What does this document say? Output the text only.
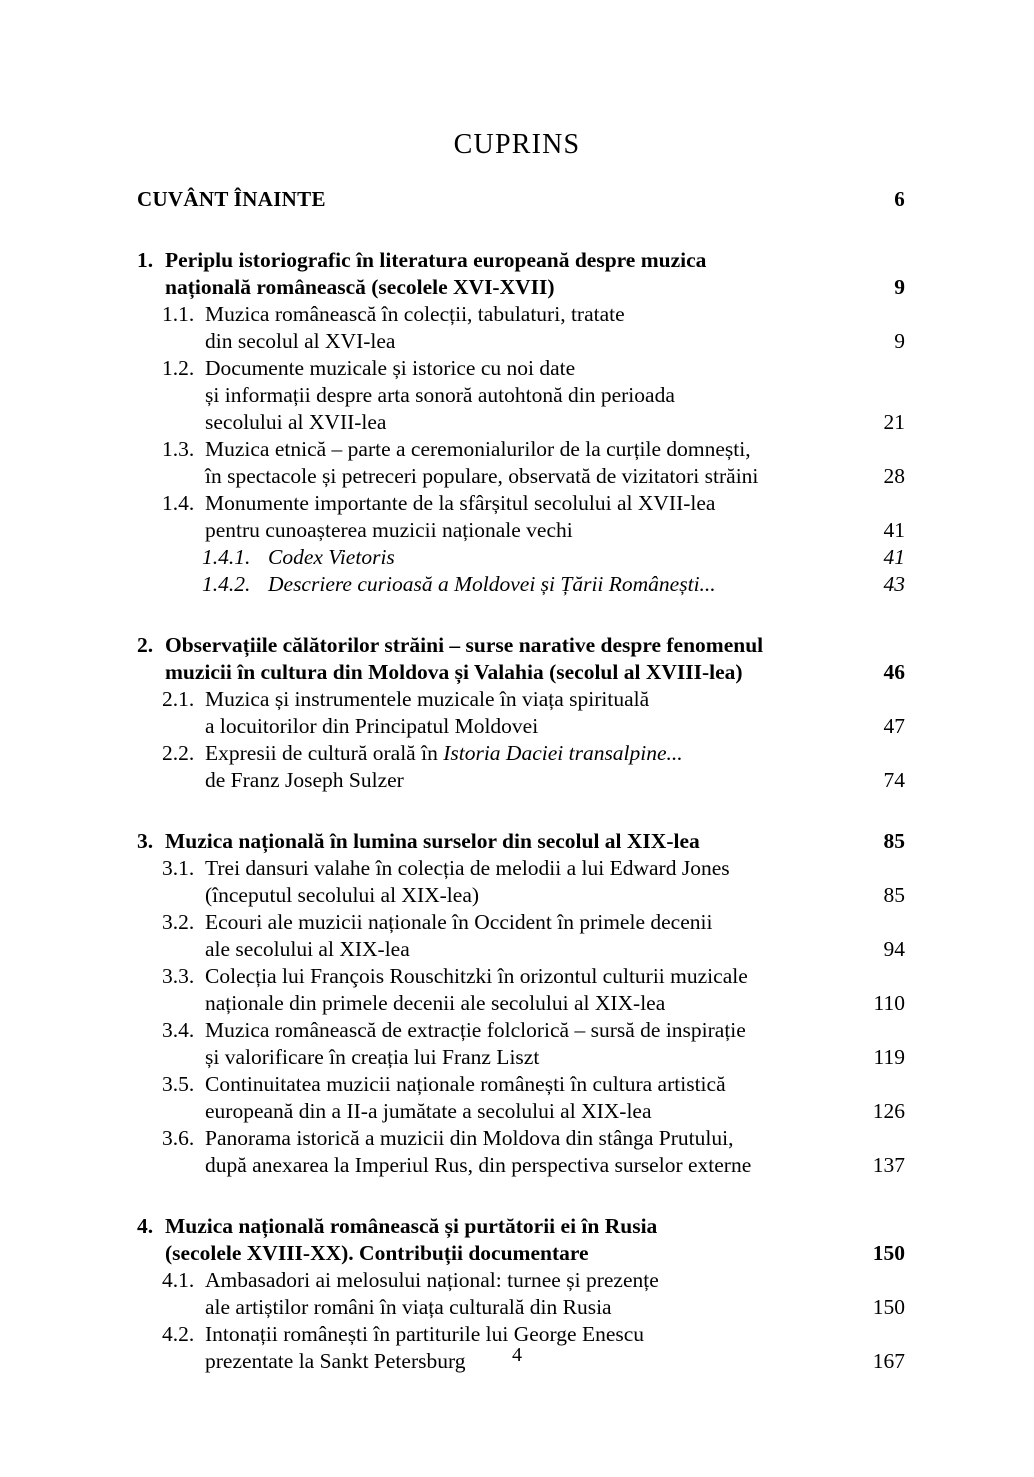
CUPRINS
CUVÂNT ÎNAINTE	6
1. Periplu istoriografic în literatura europeană despre muzica
națională românească (secolele XVI-XVII)	9
1.1. Muzica românească în colecții, tabulaturi, tratate
din secolul al XVI-lea	9
1.2. Documente muzicale și istorice cu noi date
și informații despre arta sonoră autohtonă din perioada
secolului al XVII-lea	21
1.3. Muzica etnică – parte a ceremonialurilor de la curțile domnești,
în spectacole și petreceri populare, observată de vizitatori străini	28
1.4. Monumente importante de la sfârșitul secolului al XVII-lea
pentru cunoașterea muzicii naționale vechi	41
1.4.1. Codex Vietoris	41
1.4.2. Descriere curioasă a Moldovei și Țării Românești...	43
2. Observațiile călătorilor străini – surse narative despre fenomenul
muzicii în cultura din Moldova și Valahia (secolul al XVIII-lea)	46
2.1. Muzica și instrumentele muzicale în viața spirituală
a locuitorilor din Principatul Moldovei	47
2.2. Expresii de cultură orală în Istoria Daciei transalpine...
de Franz Joseph Sulzer	74
3. Muzica națională în lumina surselor din secolul al XIX-lea	85
3.1. Trei dansuri valahe în colecția de melodii a lui Edward Jones
(începutul secolului al XIX-lea)	85
3.2. Ecouri ale muzicii naționale în Occident în primele decenii
ale secolului al XIX-lea	94
3.3. Colecția lui François Rouschitzki în orizontul culturii muzicale
naționale din primele decenii ale secolului al XIX-lea	110
3.4. Muzica românească de extracție folclorică – sursă de inspirație
și valorificare în creația lui Franz Liszt	119
3.5. Continuitatea muzicii naționale românești în cultura artistică
europeană din a II-a jumătate a secolului al XIX-lea	126
3.6. Panorama istorică a muzicii din Moldova din stânga Prutului,
după anexarea la Imperiul Rus, din perspectiva surselor externe	137
4. Muzica națională românească și purtătorii ei în Rusia
(secolele XVIII-XX). Contribuții documentare	150
4.1. Ambasadori ai melosului național: turnee și prezențe
ale artiștilor români în viața culturală din Rusia	150
4.2. Intonații românești în partiturile lui George Enescu
prezentate la Sankt Petersburg	167
4
